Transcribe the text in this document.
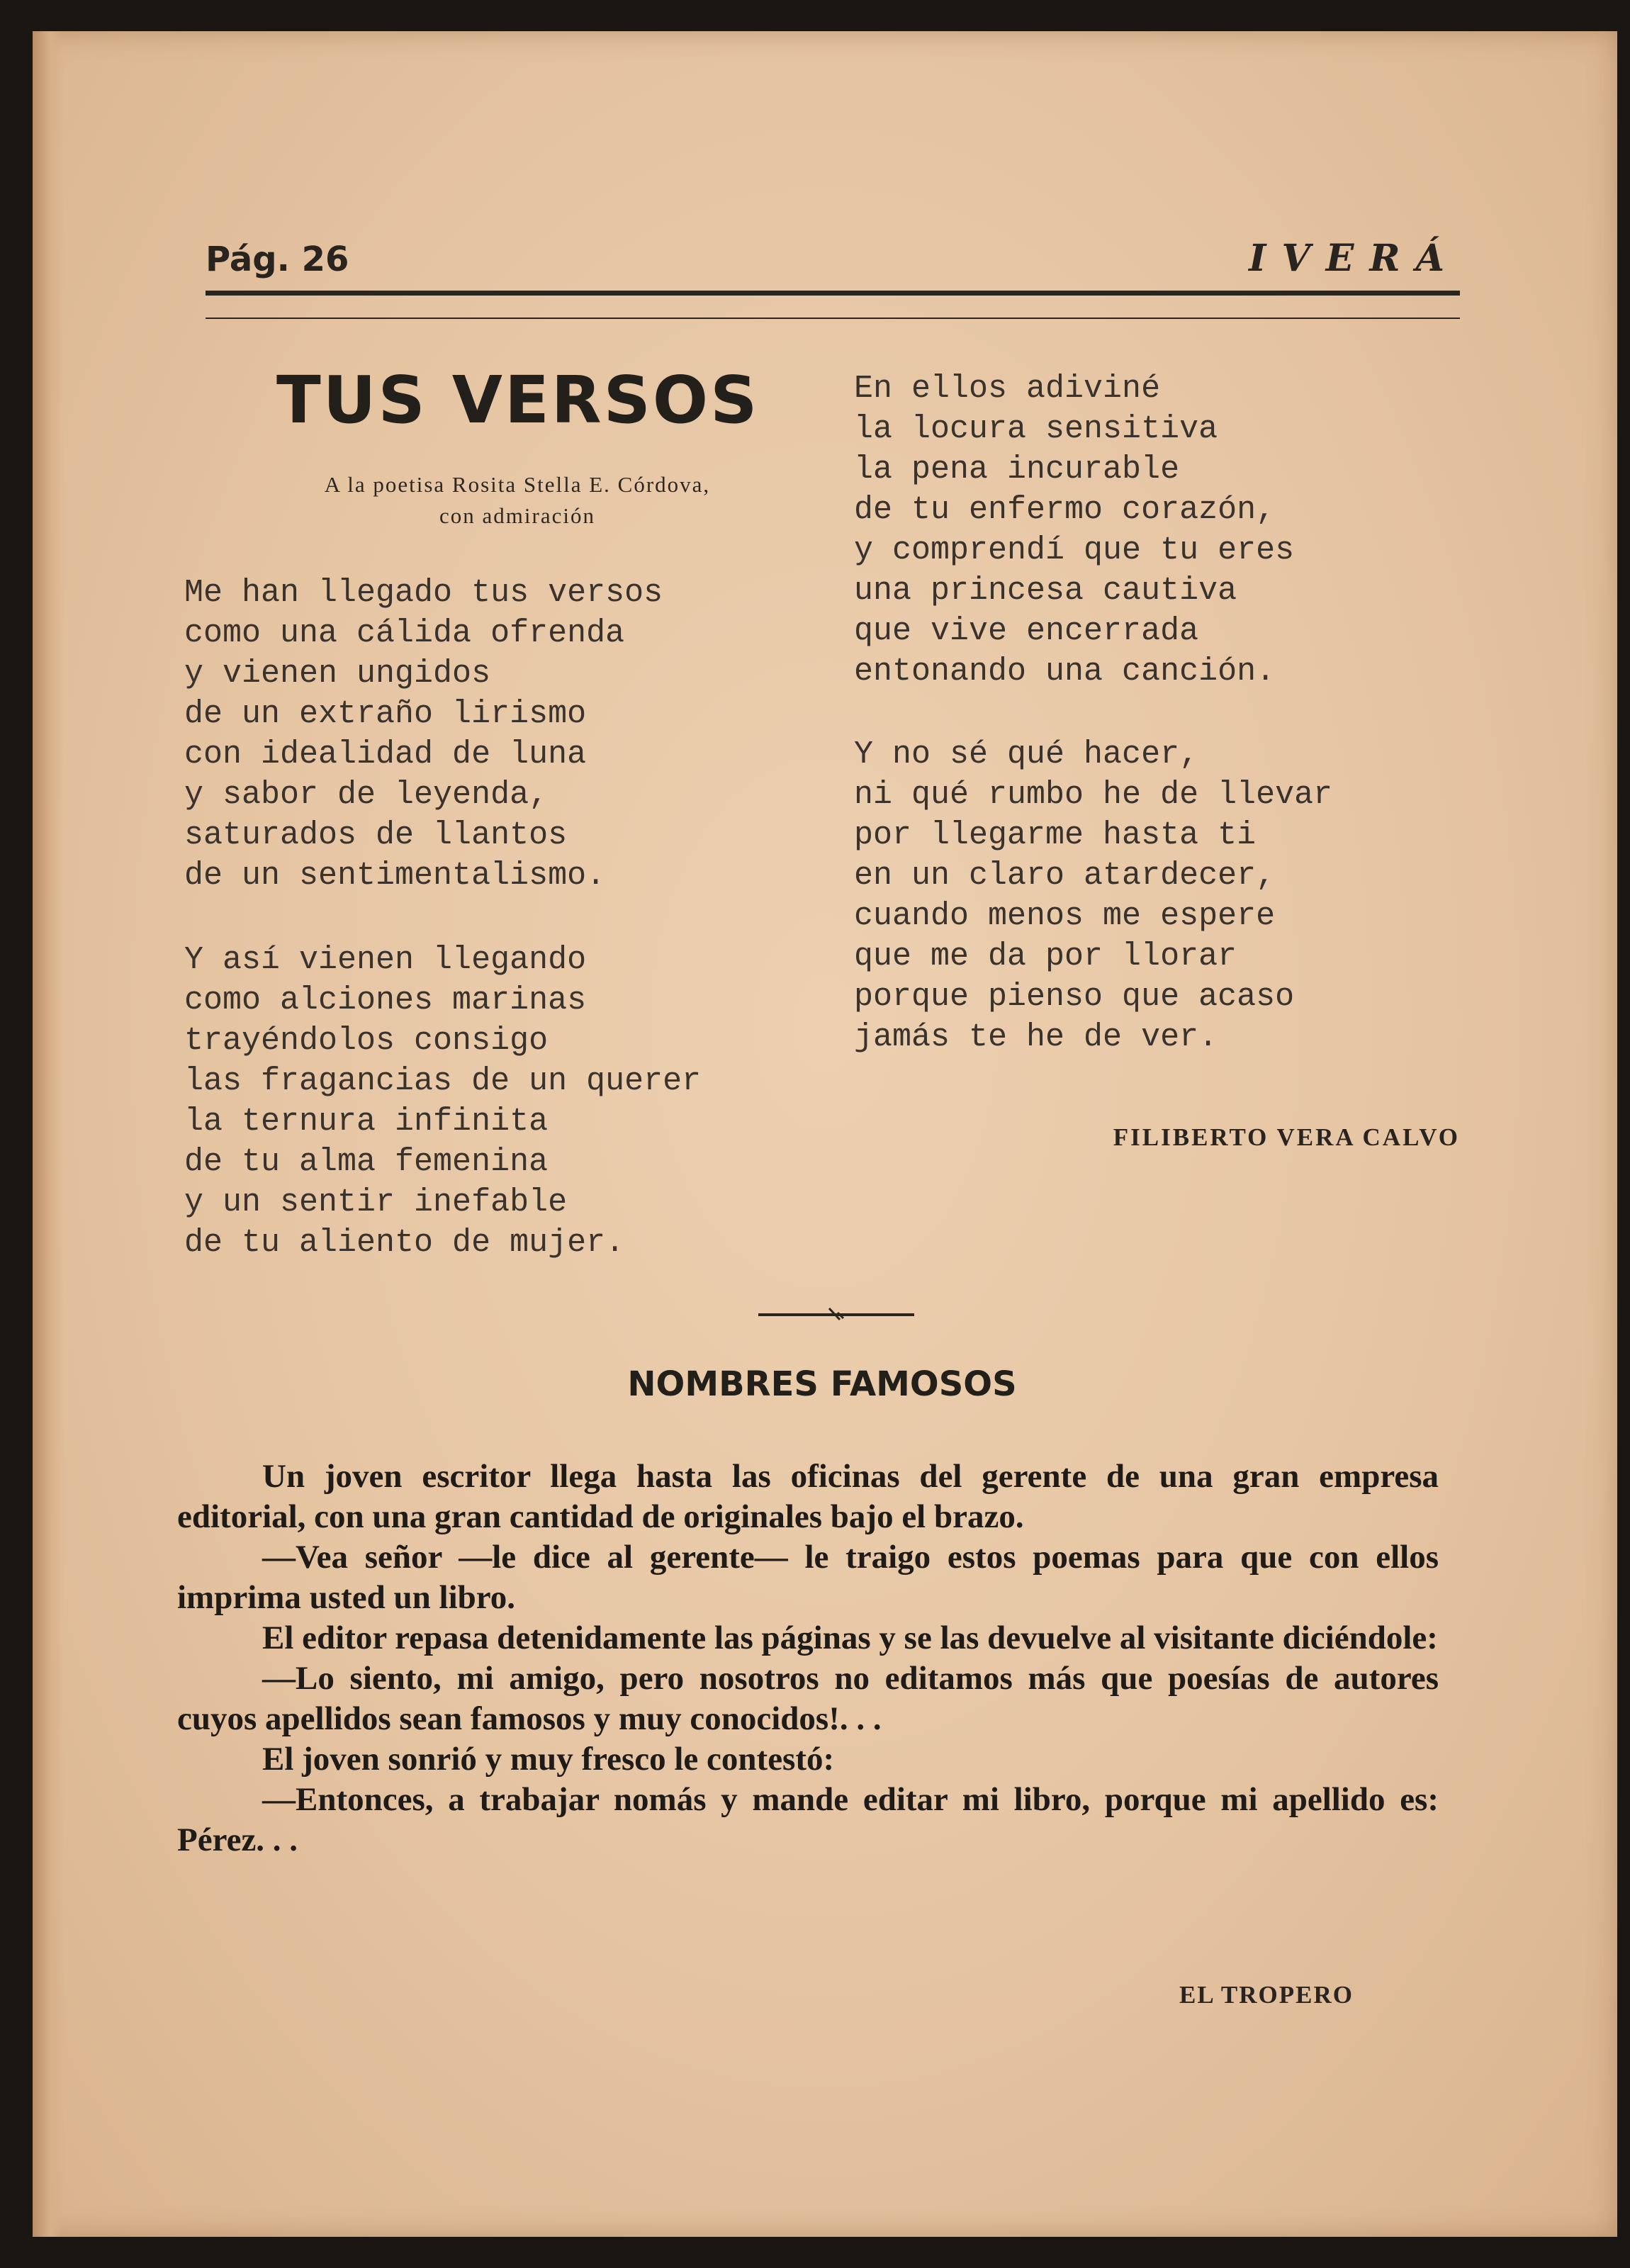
Pág. 26	IVERÁ
TUS VERSOS
A la poetisa Rosita Stella E. Córdova,
con admiración
Me han llegado tus versos
como una cálida ofrenda
y vienen ungidos
de un extraño lirismo
con idealidad de luna
y sabor de leyenda,
saturados de llantos
de un sentimentalismo.
Y así vienen llegando
como alciones marinas
trayéndolos consigo
las fragancias de un querer
la ternura infinita
de tu alma femenina
y un sentir inefable
de tu aliento de mujer.
En ellos adiviné
la locura sensitiva
la pena incurable
de tu enfermo corazón,
y comprendí que tu eres
una princesa cautiva
que vive encerrada
entonando una canción.
Y no sé qué hacer,
ni qué rumbo he de llevar
por llegarme hasta ti
en un claro atardecer,
cuando menos me espere
que me da por llorar
porque pienso que acaso
jamás te he de ver.
FILIBERTO VERA CALVO
NOMBRES FAMOSOS

Un joven escritor llega hasta las oficinas del gerente de una gran empresa editorial, con una gran cantidad de originales bajo el brazo.

—Vea señor —le dice al gerente— le traigo estos poemas para que con ellos imprima usted un libro.

El editor repasa detenidamente las páginas y se las devuelve al visitante diciéndole:

—Lo siento, mi amigo, pero nosotros no editamos más que poesías de autores cuyos apellidos sean famosos y muy conocidos!. . .

El joven sonrió y muy fresco le contestó:

—Entonces, a trabajar nomás y mande editar mi libro, porque mi apellido es: Pérez. . .

EL TROPERO
